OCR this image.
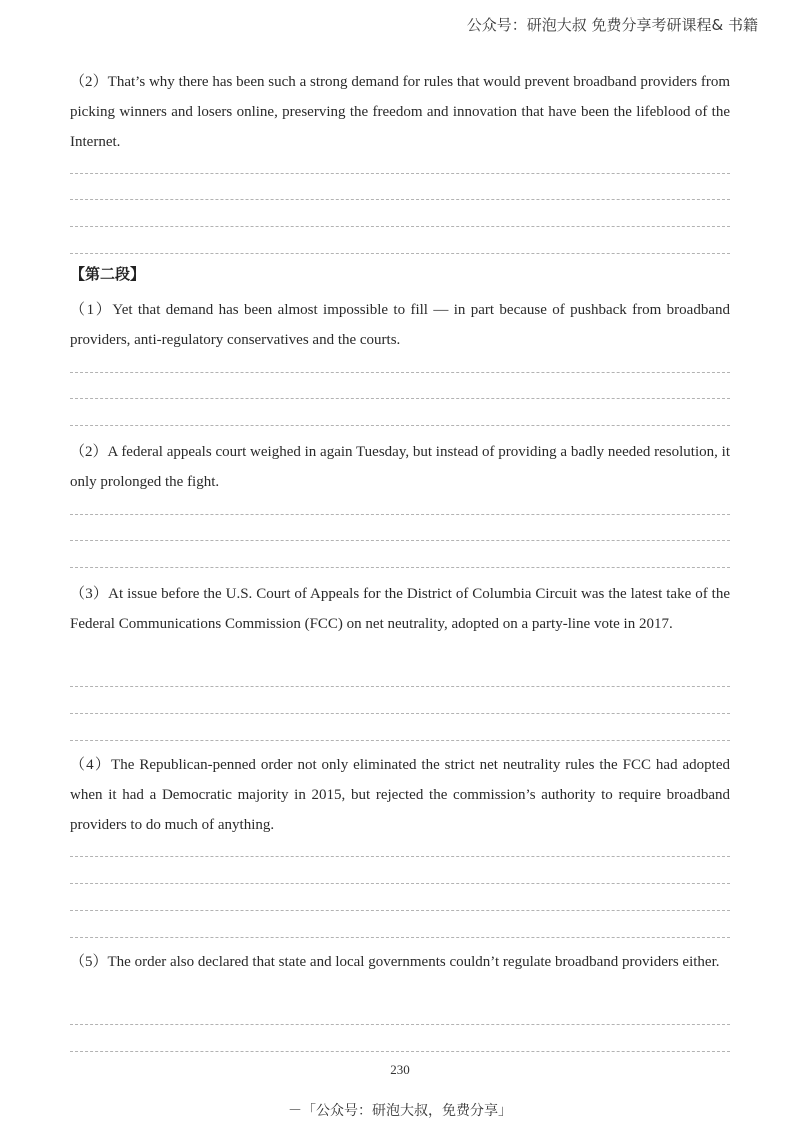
公众号：研泡大叔 免费分享考研课程& 书籍
（2）That’s why there has been such a strong demand for rules that would prevent broadband providers from picking winners and losers online, preserving the freedom and innovation that have been the lifeblood of the Internet.
【第二段】
（1）Yet that demand has been almost impossible to fill — in part because of pushback from broadband providers, anti-regulatory conservatives and the courts.
（2）A federal appeals court weighed in again Tuesday, but instead of providing a badly needed resolution, it only prolonged the fight.
（3）At issue before the U.S. Court of Appeals for the District of Columbia Circuit was the latest take of the Federal Communications Commission (FCC) on net neutrality, adopted on a party-line vote in 2017.
（4）The Republican-penned order not only eliminated the strict net neutrality rules the FCC had adopted when it had a Democratic majority in 2015, but rejected the commission’s authority to require broadband providers to do much of anything.
（5）The order also declared that state and local governments couldn’t regulate broadband providers either.
230
－「公众号：研泡大叔，免费分享」
